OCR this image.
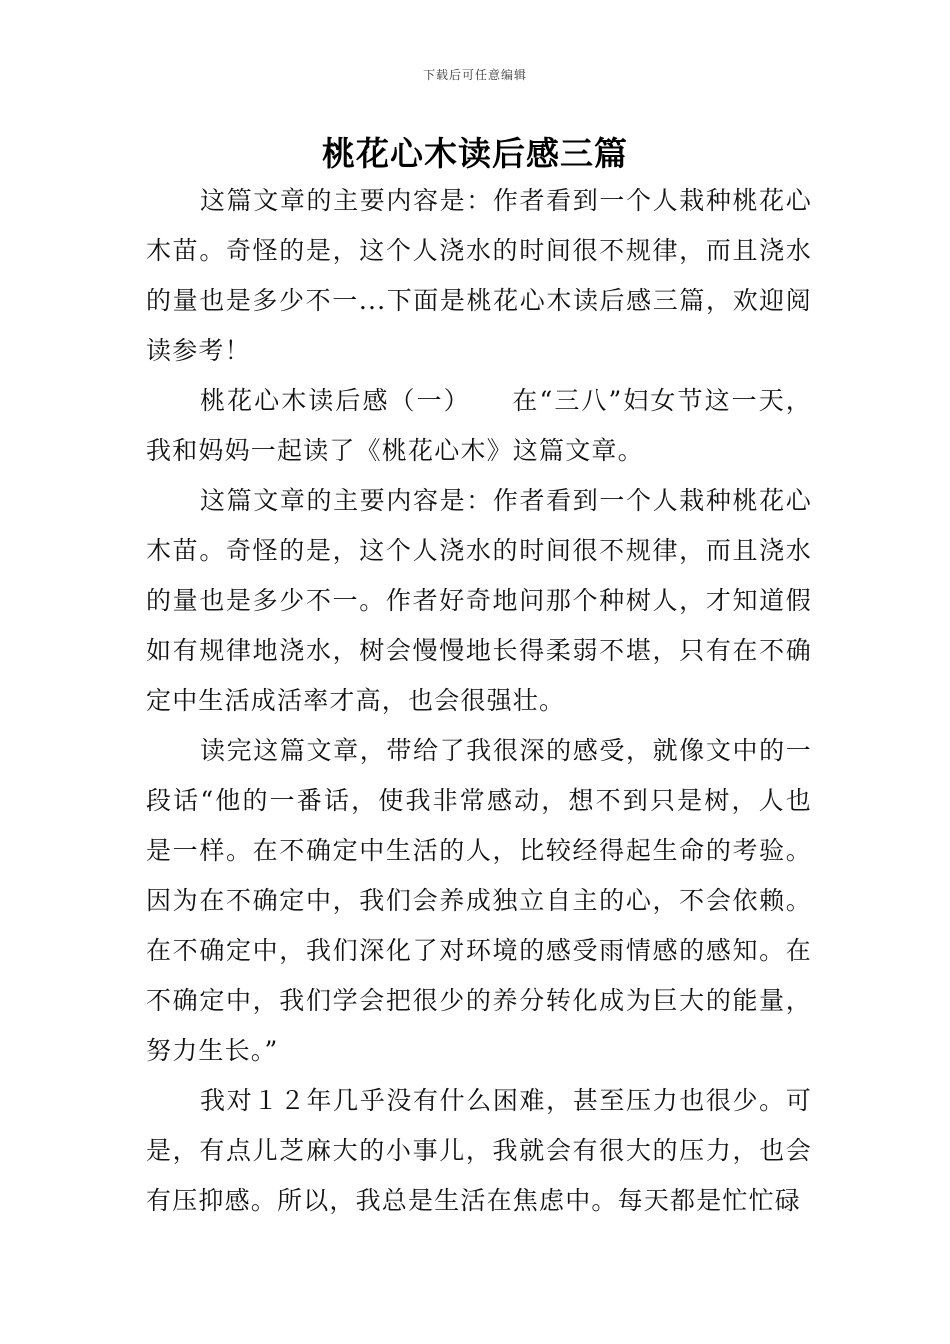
下载后可任意编辑
桃花心木读后感三篇

这篇文章的主要内容是：作者看到一个人栽种桃花心木苗。奇怪的是，这个人浇水的时间很不规律，而且浇水的量也是多少不一...下面是桃花心木读后感三篇，欢迎阅读参考！

桃花心木读后感（一）　　在“三八”妇女节这一天，我和妈妈一起读了《桃花心木》这篇文章。

这篇文章的主要内容是：作者看到一个人栽种桃花心木苗。奇怪的是，这个人浇水的时间很不规律，而且浇水的量也是多少不一。作者好奇地问那个种树人，才知道假如有规律地浇水，树会慢慢地长得柔弱不堪，只有在不确定中生活成活率才高，也会很强壮。

读完这篇文章，带给了我很深的感受，就像文中的一段话“他的一番话，使我非常感动，想不到只是树，人也是一样。在不确定中生活的人，比较经得起生命的考验。因为在不确定中，我们会养成独立自主的心，不会依赖。在不确定中，我们深化了对环境的感受雨情感的感知。在不确定中，我们学会把很少的养分转化成为巨大的能量，努力生长。”

我对１２年几乎没有什么困难，甚至压力也很少。可是，有点儿芝麻大的小事儿，我就会有很大的压力，也会有压抑感。所以，我总是生活在焦虑中。每天都是忙忙碌
